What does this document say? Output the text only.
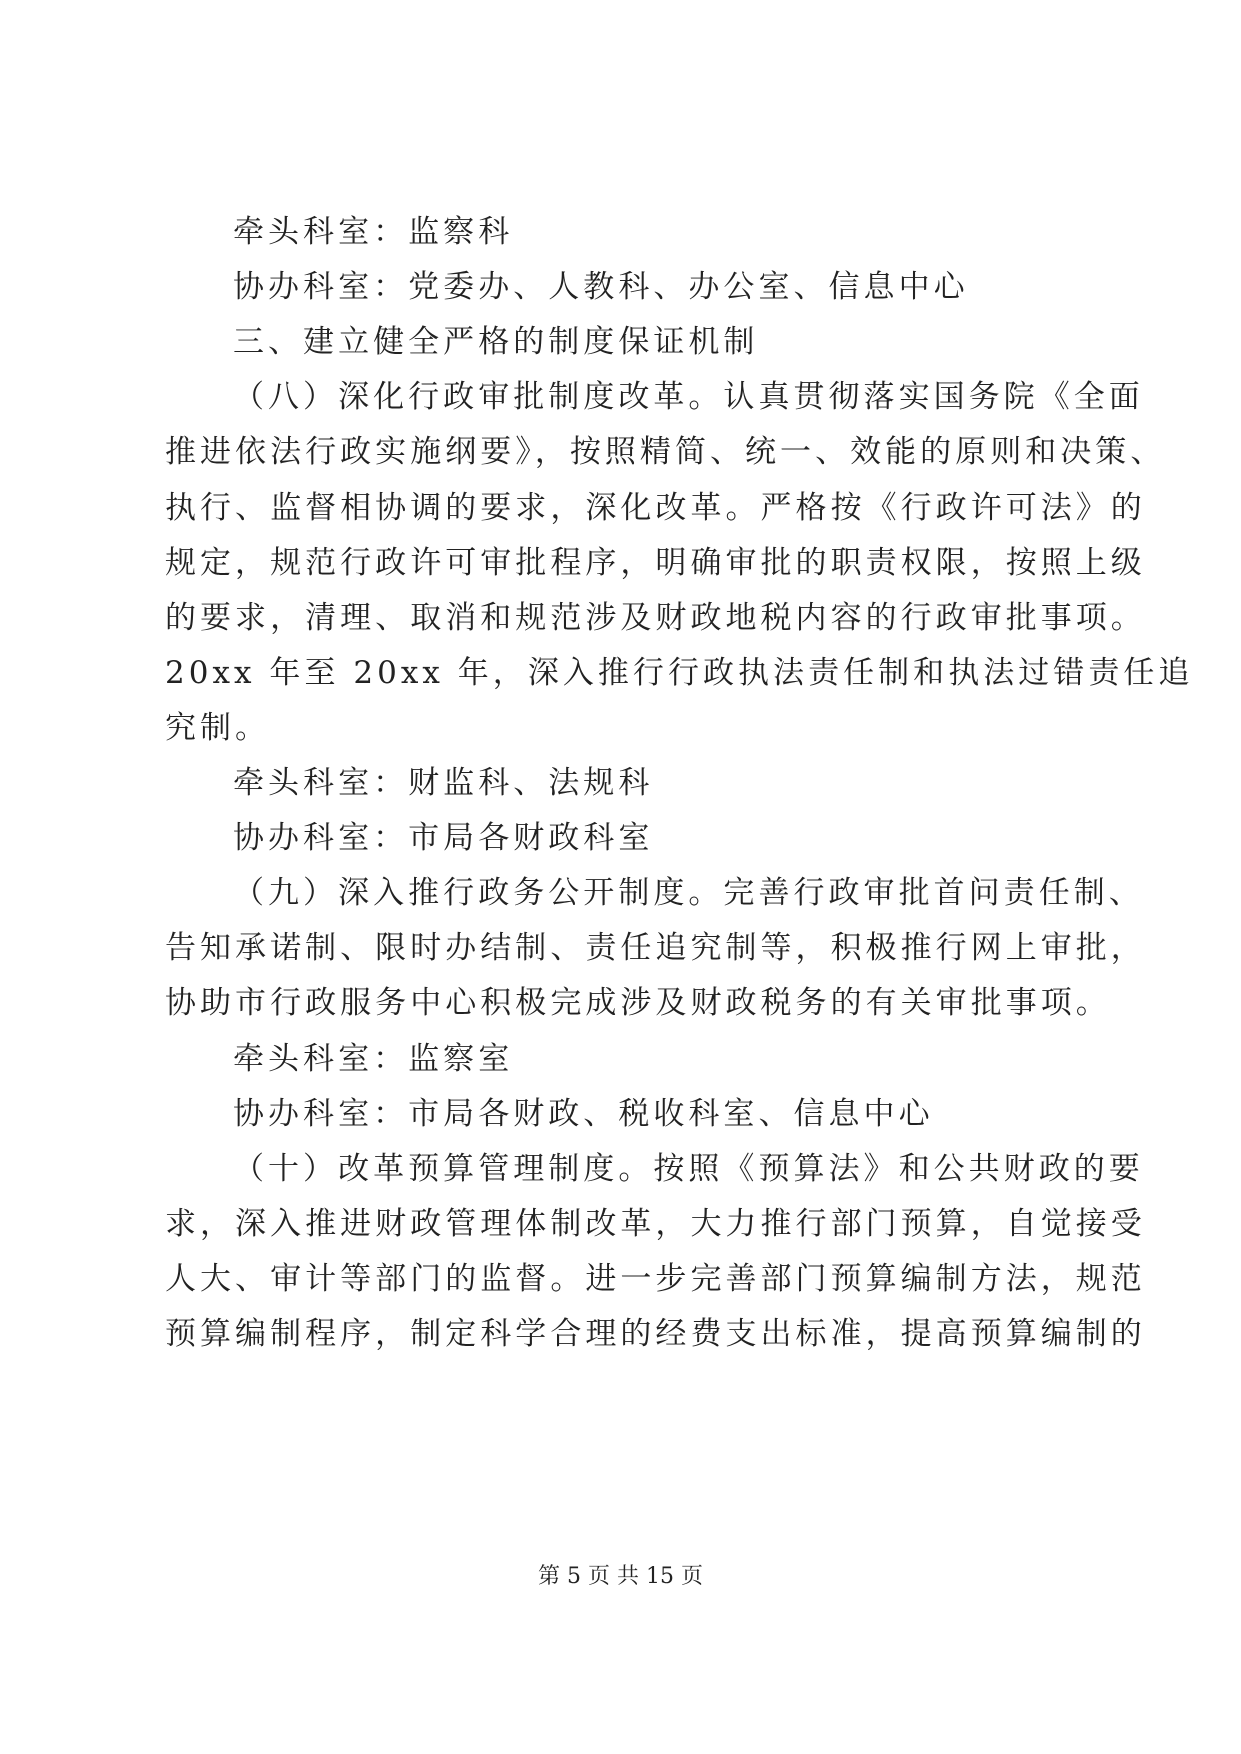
牵头科室：监察科
协办科室：党委办、人教科、办公室、信息中心
三、建立健全严格的制度保证机制
（八）深化行政审批制度改革。认真贯彻落实国务院《全面
推进依法行政实施纲要》，按照精简、统一、效能的原则和决策、
执行、监督相协调的要求，深化改革。严格按《行政许可法》的
规定，规范行政许可审批程序，明确审批的职责权限，按照上级
的要求，清理、取消和规范涉及财政地税内容的行政审批事项。
20xx 年至 20xx 年，深入推行行政执法责任制和执法过错责任追
究制。
牵头科室：财监科、法规科
协办科室：市局各财政科室
（九）深入推行政务公开制度。完善行政审批首问责任制、
告知承诺制、限时办结制、责任追究制等，积极推行网上审批，
协助市行政服务中心积极完成涉及财政税务的有关审批事项。
牵头科室：监察室
协办科室：市局各财政、税收科室、信息中心
（十）改革预算管理制度。按照《预算法》和公共财政的要
求，深入推进财政管理体制改革，大力推行部门预算，自觉接受
人大、审计等部门的监督。进一步完善部门预算编制方法，规范
预算编制程序，制定科学合理的经费支出标准，提高预算编制的
第 5 页 共 15 页
